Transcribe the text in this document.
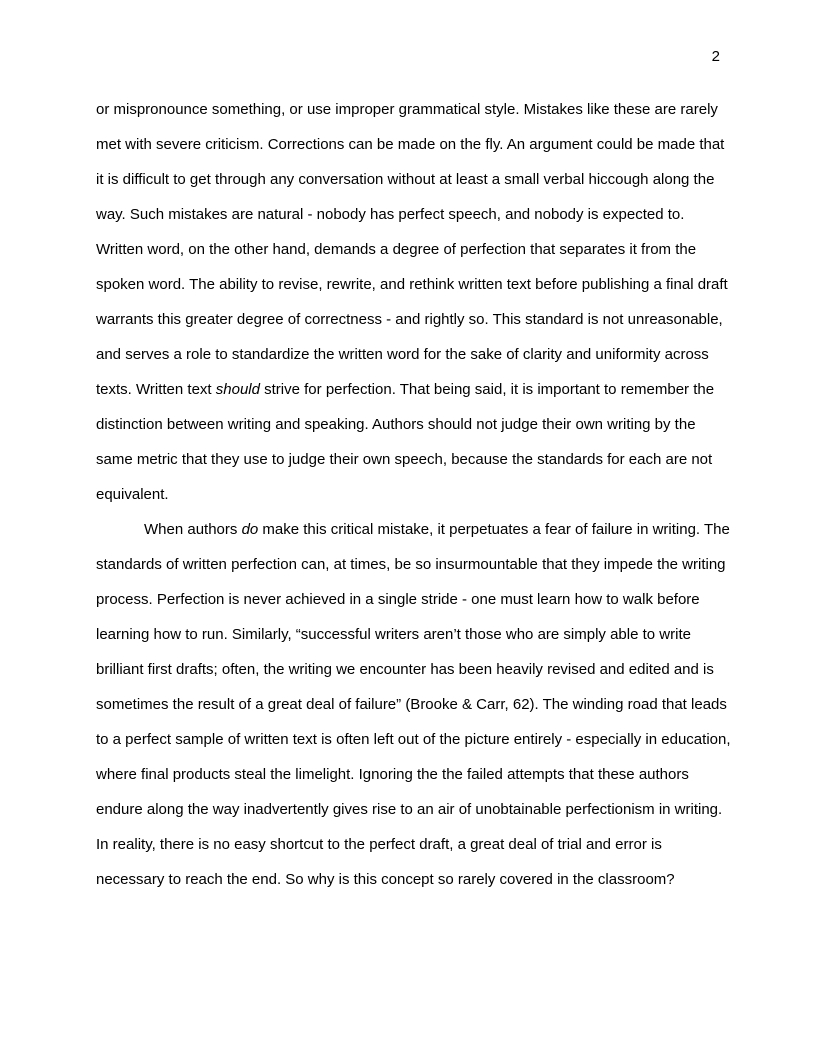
2
or mispronounce something, or use improper grammatical style. Mistakes like these are rarely
met with severe criticism. Corrections can be made on the fly. An argument could be made that
it is difficult to get through any conversation without at least a small verbal hiccough along the
way. Such mistakes are natural - nobody has perfect speech, and nobody is expected to.
Written word, on the other hand, demands a degree of perfection that separates it from the
spoken word. The ability to revise, rewrite, and rethink written text before publishing a final draft
warrants this greater degree of correctness - and rightly so. This standard is not unreasonable,
and serves a role to standardize the written word for the sake of clarity and uniformity across
texts. Written text should strive for perfection. That being said, it is important to remember the
distinction between writing and speaking. Authors should not judge their own writing by the
same metric that they use to judge their own speech, because the standards for each are not
equivalent.
When authors do make this critical mistake, it perpetuates a fear of failure in writing. The
standards of written perfection can, at times, be so insurmountable that they impede the writing
process. Perfection is never achieved in a single stride - one must learn how to walk before
learning how to run. Similarly, “successful writers aren’t those who are simply able to write
brilliant first drafts; often, the writing we encounter has been heavily revised and edited and is
sometimes the result of a great deal of failure” (Brooke & Carr, 62). The winding road that leads
to a perfect sample of written text is often left out of the picture entirely - especially in education,
where final products steal the limelight. Ignoring the the failed attempts that these authors
endure along the way inadvertently gives rise to an air of unobtainable perfectionism in writing.
In reality, there is no easy shortcut to the perfect draft, a great deal of trial and error is
necessary to reach the end. So why is this concept so rarely covered in the classroom?
